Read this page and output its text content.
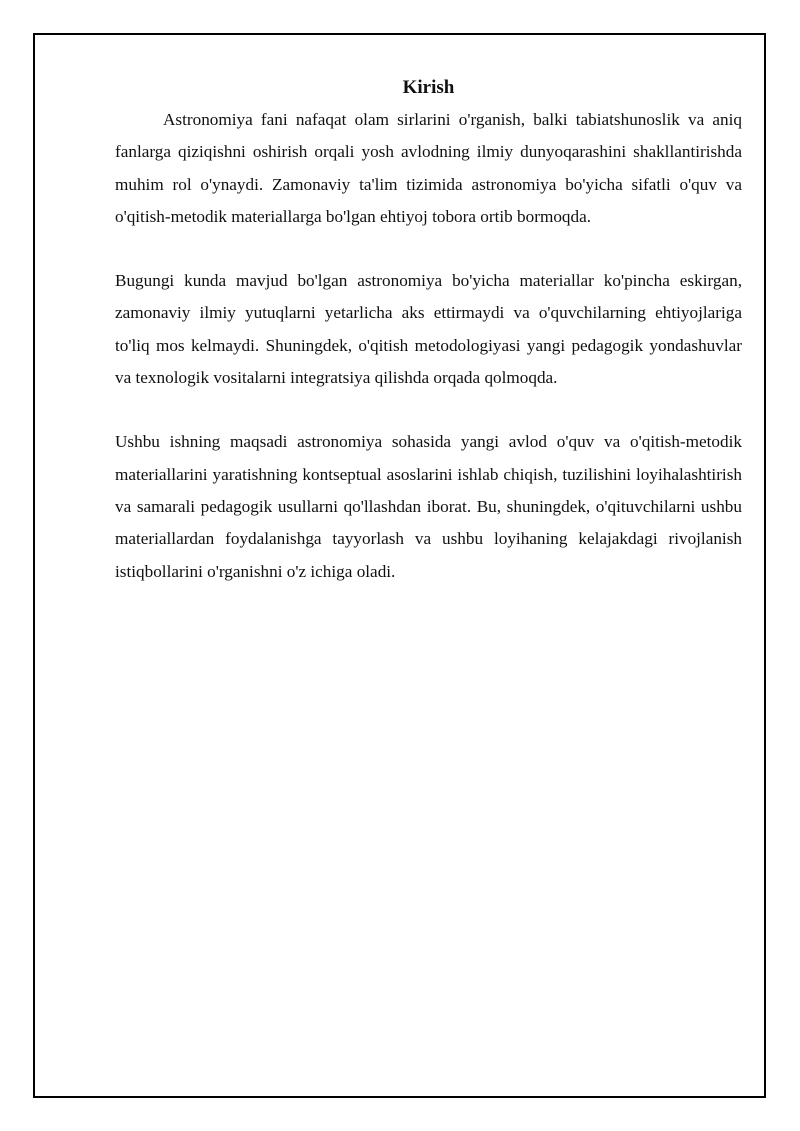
Kirish

Astronomiya fani nafaqat olam sirlarini o'rganish, balki tabiatshunoslik va aniq fanlarga qiziqishni oshirish orqali yosh avlodning ilmiy dunyoqarashini shakllantirishda muhim rol o'ynaydi. Zamonaviy ta'lim tizimida astronomiya bo'yicha sifatli o'quv va o'qitish-metodik materiallarga bo'lgan ehtiyoj tobora ortib bormoqda.

Bugungi kunda mavjud bo'lgan astronomiya bo'yicha materiallar ko'pincha eskirgan, zamonaviy ilmiy yutuqlarni yetarlicha aks ettirmaydi va o'quvchilarning ehtiyojlariga to'liq mos kelmaydi. Shuningdek, o'qitish metodologiyasi yangi pedagogik yondashuvlar va texnologik vositalarni integratsiya qilishda orqada qolmoqda.

Ushbu ishning maqsadi astronomiya sohasida yangi avlod o'quv va o'qitish-metodik materiallarini yaratishning kontseptual asoslarini ishlab chiqish, tuzilishini loyihalashtirish va samarali pedagogik usullarni qo'llashdan iborat. Bu, shuningdek, o'qituvchilarni ushbu materiallardan foydalanishga tayyorlash va ushbu loyihaning kelajakdagi rivojlanish istiqbollarini o'rganishni o'z ichiga oladi.
